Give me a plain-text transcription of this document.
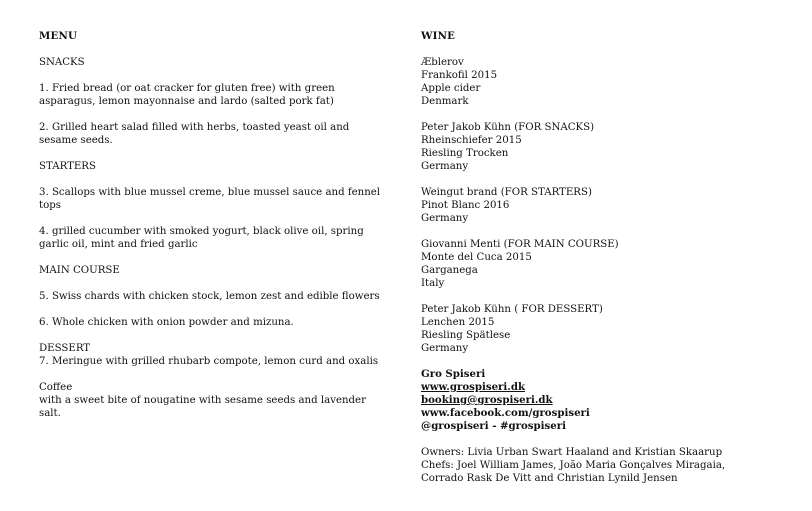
MENU

SNACKS

1. Fried bread (or oat cracker for gluten free) with green

asparagus, lemon mayonnaise and lardo (salted pork fat)

2. Grilled heart salad filled with herbs, toasted yeast oil and

sesame seeds.

STARTERS

3. Scallops with blue mussel creme, blue mussel sauce and fennel

tops

4. grilled cucumber with smoked yogurt, black olive oil, spring

garlic oil, mint and fried garlic

MAIN COURSE

5. Swiss chards with chicken stock, lemon zest and edible flowers

6. Whole chicken with onion powder and mizuna.

DESSERT

7. Meringue with grilled rhubarb compote, lemon curd and oxalis

Coffee

with a sweet bite of nougatine with sesame seeds and lavender

salt.

WINE

Æblerov

Frankofil 2015

Apple cider

Denmark

Peter Jakob Kühn (FOR SNACKS)

Rheinschiefer 2015

Riesling Trocken

Germany

Weingut brand (FOR STARTERS)

Pinot Blanc 2016

Germany

Giovanni Menti (FOR MAIN COURSE)

Monte del Cuca 2015

Garganega

Italy

Peter Jakob Kühn ( FOR DESSERT)

Lenchen 2015

Riesling Spätlese

Germany

Gro Spiseri

www.grospiseri.dk

booking@grospiseri.dk

www.facebook.com/grospiseri

@grospiseri - #grospiseri

Owners: Livia Urban Swart Haaland and Kristian Skaarup

Chefs: Joel William James, João Maria Gonçalves Miragaia,

Corrado Rask De Vitt and Christian Lynild Jensen
